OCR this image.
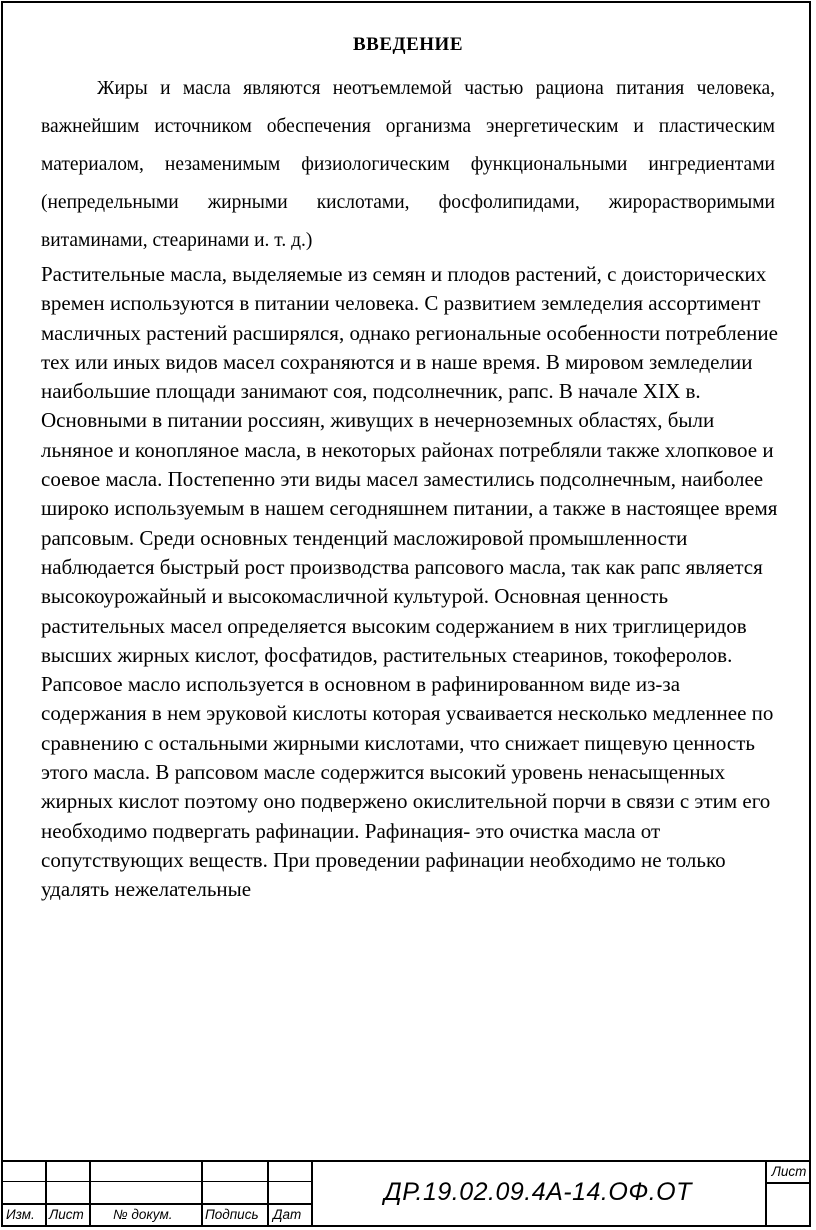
ВВЕДЕНИЕ
Жиры и масла являются неотъемлемой частью рациона питания человека, важнейшим источником обеспечения организма энергетическим и пластическим материалом, незаменимым физиологическим функциональными ингредиентами (непредельными жирными кислотами, фосфолипидами, жирорастворимыми витаминами, стеаринами и. т. д.)
Растительные масла, выделяемые из семян и плодов растений, с доисторических времен используются в питании человека. С развитием земледелия ассортимент масличных растений расширялся, однако региональные особенности потребление тех или иных видов масел сохраняются и в наше время. В мировом земледелии наибольшие площади занимают соя, подсолнечник, рапс. В начале XIX в. Основными в питании россиян, живущих в нечерноземных областях, были льняное и конопляное масла, в некоторых районах потребляли также хлопковое и соевое масла. Постепенно эти виды масел заместились подсолнечным, наиболее широко используемым в нашем сегодняшнем питании, а также в настоящее время рапсовым. Среди основных тенденций масложировой промышленности наблюдается быстрый рост производства рапсового масла, так как рапс является высокоурожайный и высокомасличной культурой. Основная ценность растительных масел определяется высоким содержанием в них триглицеридов высших жирных кислот, фосфатидов, растительных стеаринов, токоферолов. Рапсовое масло используется в основном в рафинированном виде из-за содержания в нем эруковой кислоты которая усваивается несколько медленнее по сравнению с остальными жирными кислотами, что снижает пищевую ценность этого масла. В рапсовом масле содержится высокий уровень ненасыщенных жирных кислот поэтому оно подвержено окислительной порчи в связи с этим его необходимо подвергать рафинации. Рафинация- это очистка масла от сопутствующих веществ. При проведении рафинации необходимо не только удалять нежелательные
Изм. Лист № докум. Подпись Дат
ДР.19.02.09.4А-14.ОФ.ОТ
Лист
